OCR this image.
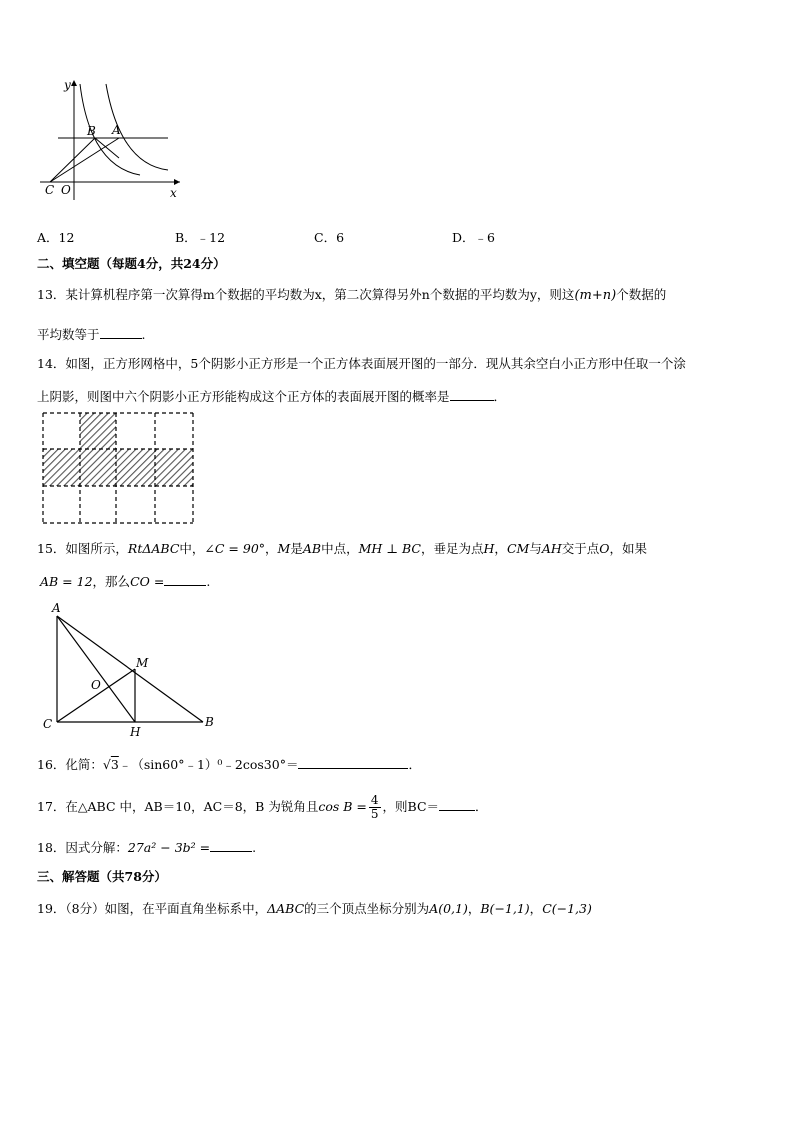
y
x
B A
C O
A．12	B．﹣12	C．6	D．﹣6
二、填空题（每题4分，共24分）
13．某计算机程序第一次算得m个数据的平均数为x，第二次算得另外n个数据的平均数为y，则这(m+n)个数据的
平均数等于	.
14．如图，正方形网格中，5个阴影小正方形是一个正方体表面展开图的一部分．现从其余空白小正方形中任取一个涂
上阴影，则图中六个阴影小正方形能构成这个正方体的表面展开图的概率是	．
15．如图所示，RtΔABC中，∠C = 90°，M是AB中点，MH ⊥ BC，垂足为点H，CM与AH交于点O，如果
AB = 12，那么CO =	.
A
M
O
C
H
B
16．化简：√3﹣（sin60°﹣1）⁰﹣2cos30°＝	．
17．在△ABC 中，AB＝10，AC＝8，B 为锐角且$\cos B = \frac{4}{5}$ ，则BC＝	．
18．因式分解：27a² − 3b² =	.
三、解答题（共78分）
19．（8分）如图，在平面直角坐标系中，ΔABC的三个顶点坐标分别为A(0,1)，B(−1,1)，C(−1,3)
